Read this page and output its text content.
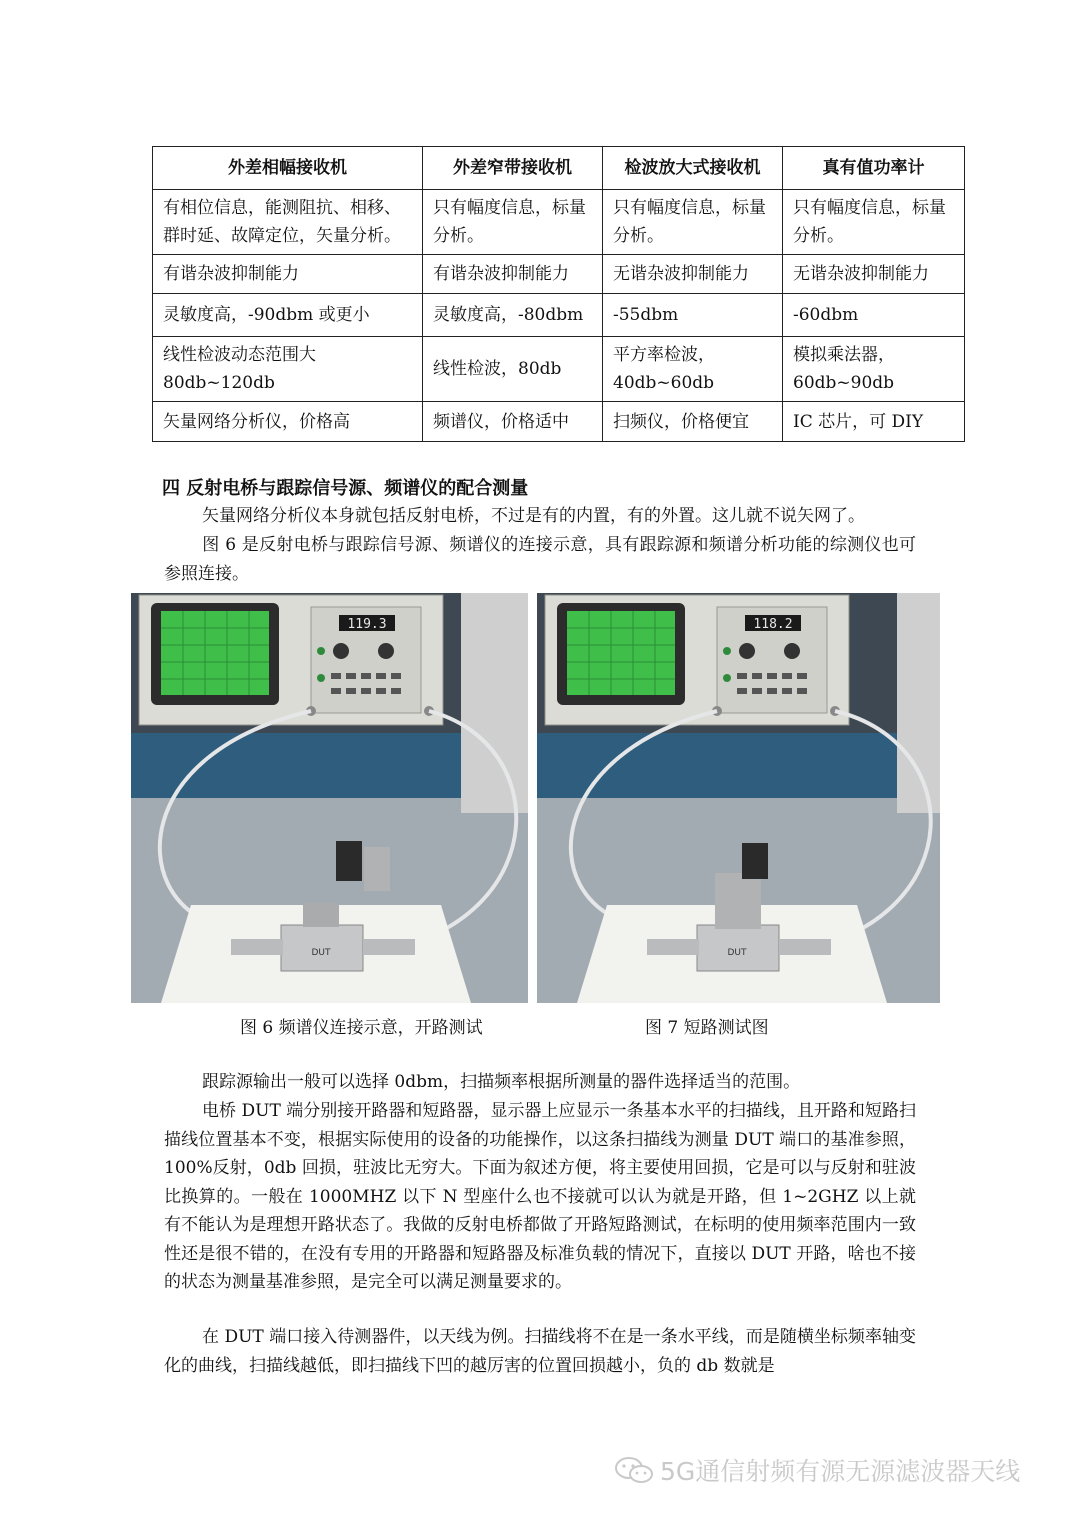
外差相幅接收机	外差窄带接收机	检波放大式接收机	真有值功率计
有相位信息，能测阻抗、相移、群时延、故障定位，矢量分析。	只有幅度信息，标量分析。	只有幅度信息，标量分析。	只有幅度信息，标量分析。
有谐杂波抑制能力	有谐杂波抑制能力	无谐杂波抑制能力	无谐杂波抑制能力
灵敏度高，-90dbm 或更小	灵敏度高，-80dbm	-55dbm	-60dbm
线性检波动态范围大 80db~120db	线性检波，80db	平方率检波，40db~60db	模拟乘法器，60db~90db
矢量网络分析仪，价格高	频谱仪，价格适中	扫频仪，价格便宜	IC 芯片，可 DIY
四 反射电桥与跟踪信号源、频谱仪的配合测量

矢量网络分析仪本身就包括反射电桥，不过是有的内置，有的外置。这儿就不说矢网了。

图 6 是反射电桥与跟踪信号源、频谱仪的连接示意，具有跟踪源和频谱分析功能的综测仪也可参照连接。

119.3
DUT
118.2
DUT
图 6 频谱仪连接示意，开路测试	图 7 短路测试图

跟踪源输出一般可以选择 0dbm，扫描频率根据所测量的器件选择适当的范围。

电桥 DUT 端分别接开路器和短路器，显示器上应显示一条基本水平的扫描线，且开路和短路扫描线位置基本不变，根据实际使用的设备的功能操作，以这条扫描线为测量 DUT 端口的基准参照，100%反射，0db 回损，驻波比无穷大。下面为叙述方便，将主要使用回损，它是可以与反射和驻波比换算的。一般在 1000MHZ 以下 N 型座什么也不接就可以认为就是开路，但 1~2GHZ 以上就有不能认为是理想开路状态了。我做的反射电桥都做了开路短路测试，在标明的使用频率范围内一致性还是很不错的，在没有专用的开路器和短路器及标准负载的情况下，直接以 DUT 开路，啥也不接的状态为测量基准参照，是完全可以满足测量要求的。

在 DUT 端口接入待测器件，以天线为例。扫描线将不在是一条水平线，而是随横坐标频率轴变化的曲线，扫描线越低，即扫描线下凹的越厉害的位置回损越小，负的 db 数就是

5G通信射频有源无源滤波器天线
